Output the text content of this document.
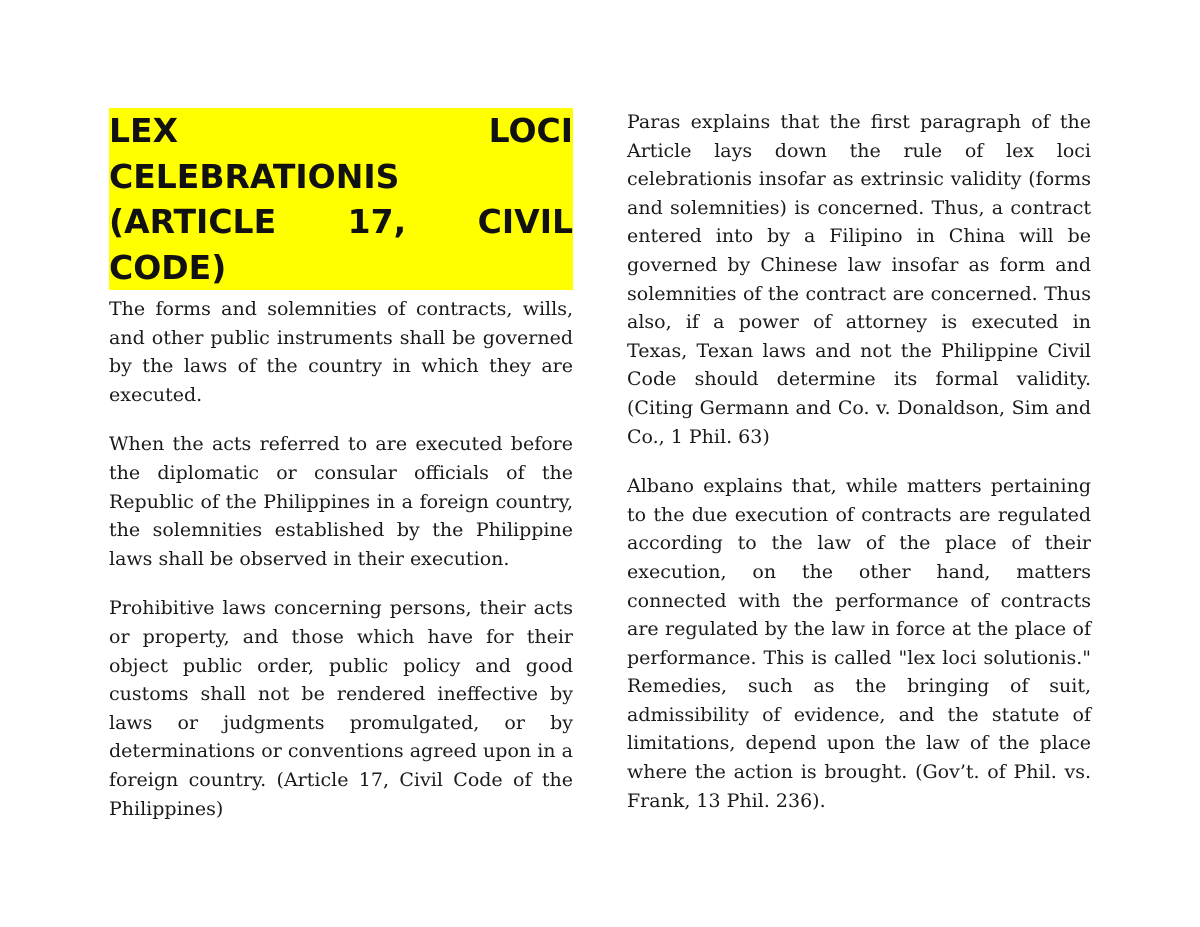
LEX LOCI CELEBRATIONIS (ARTICLE 17, CIVIL CODE)

The forms and solemnities of contracts, wills, and other public instruments shall be governed by the laws of the country in which they are executed.

When the acts referred to are executed before the diplomatic or consular officials of the Republic of the Philippines in a foreign country, the solemnities established by the Philippine laws shall be observed in their execution.

Prohibitive laws concerning persons, their acts or property, and those which have for their object public order, public policy and good customs shall not be rendered ineffective by laws or judgments promulgated, or by determinations or conventions agreed upon in a foreign country. (Article 17, Civil Code of the Philippines)

Paras explains that the first paragraph of the Article lays down the rule of lex loci celebrationis insofar as extrinsic validity (forms and solemnities) is concerned. Thus, a contract entered into by a Filipino in China will be governed by Chinese law insofar as form and solemnities of the contract are concerned. Thus also, if a power of attorney is executed in Texas, Texan laws and not the Philippine Civil Code should determine its formal validity. (Citing Germann and Co. v. Donaldson, Sim and Co., 1 Phil. 63)

Albano explains that, while matters pertaining to the due execution of contracts are regulated according to the law of the place of their execution, on the other hand, matters connected with the performance of contracts are regulated by the law in force at the place of performance. This is called "lex loci solutionis." Remedies, such as the bringing of suit, admissibility of evidence, and the statute of limitations, depend upon the law of the place where the action is brought. (Gov’t. of Phil. vs. Frank, 13 Phil. 236).
